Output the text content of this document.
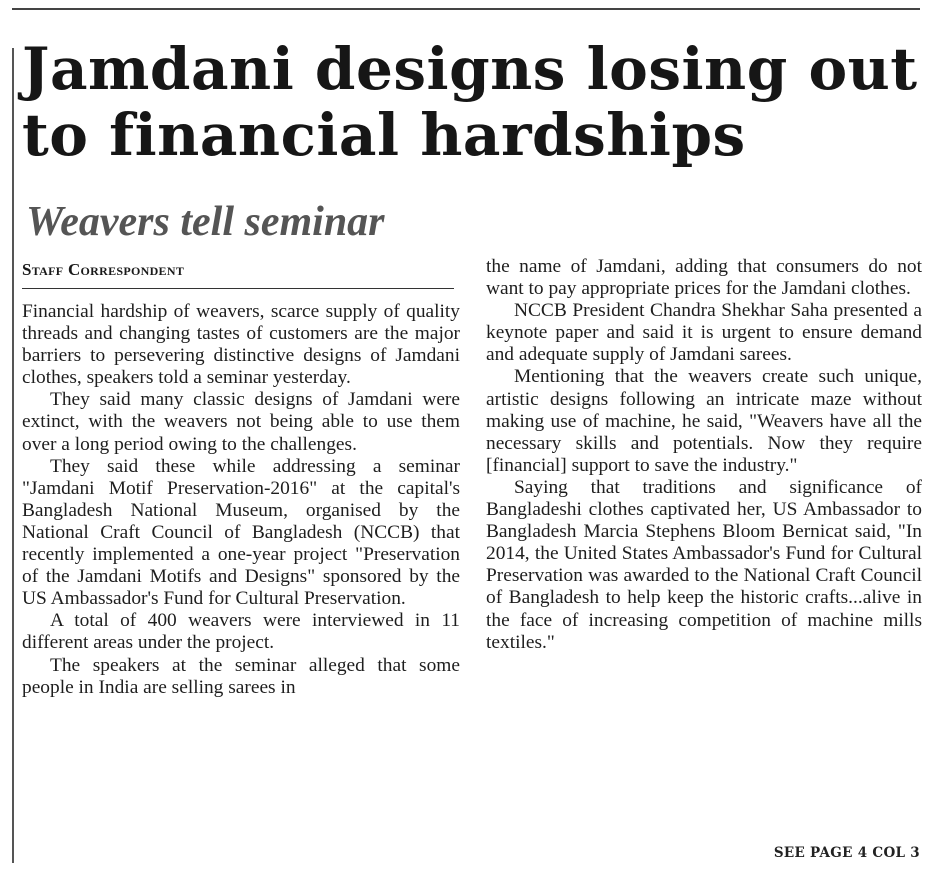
Jamdani designs losing out to financial hardships
Weavers tell seminar
Staff Correspondent

Financial hardship of weavers, scarce supply of quality threads and changing tastes of customers are the major barriers to persevering distinctive designs of Jamdani clothes, speakers told a seminar yesterday.

They said many classic designs of Jamdani were extinct, with the weavers not being able to use them over a long period owing to the challenges.

They said these while addressing a seminar "Jamdani Motif Preservation-2016" at the capital's Bangladesh National Museum, organised by the National Craft Council of Bangladesh (NCCB) that recently implemented a one-year project "Preservation of the Jamdani Motifs and Designs" sponsored by the US Ambassador's Fund for Cultural Preservation.

A total of 400 weavers were interviewed in 11 different areas under the project.

The speakers at the seminar alleged that some people in India are selling sarees in

the name of Jamdani, adding that consumers do not want to pay appropriate prices for the Jamdani clothes.

NCCB President Chandra Shekhar Saha presented a keynote paper and said it is urgent to ensure demand and adequate supply of Jamdani sarees.

Mentioning that the weavers create such unique, artistic designs following an intricate maze without making use of machine, he said, "Weavers have all the necessary skills and potentials. Now they require [financial] support to save the industry."

Saying that traditions and significance of Bangladeshi clothes captivated her, US Ambassador to Bangladesh Marcia Stephens Bloom Bernicat said, "In 2014, the United States Ambassador's Fund for Cultural Preservation was awarded to the National Craft Council of Bangladesh to help keep the historic crafts...alive in the face of increasing competition of machine mills textiles."

SEE PAGE 4 COL 3
